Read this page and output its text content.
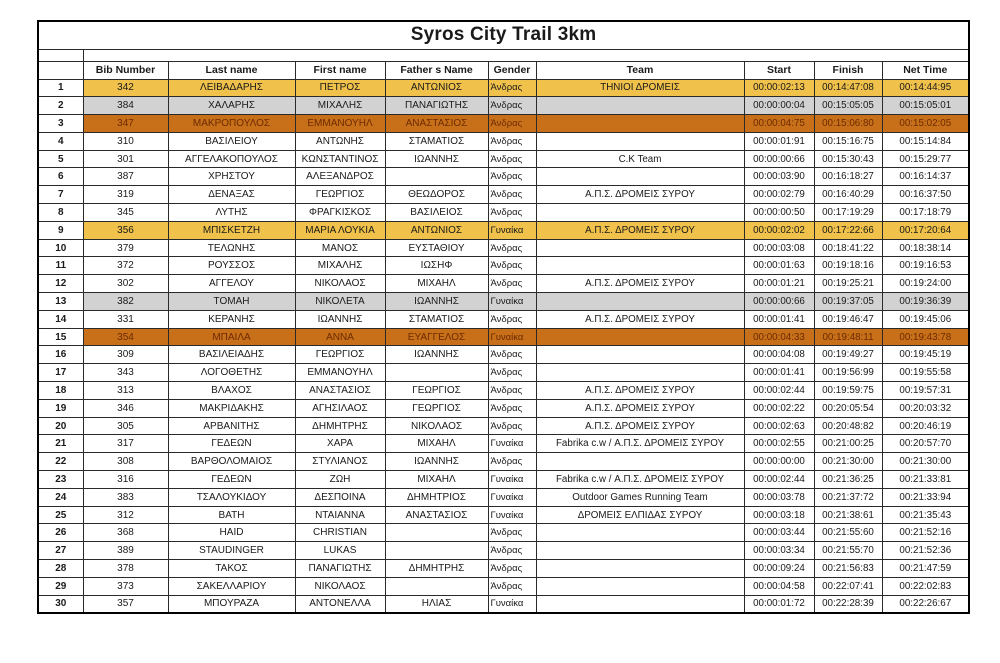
Syros City Trail 3km									

	Bib Number	Last name	First name	Father s Name	Gender	Team	Start	Finish	Net Time
1	342	ΛΕΙΒΑΔΑΡΗΣ	ΠΕΤΡΟΣ	ΑΝΤΩΝΙΟΣ	Άνδρας	ΤΗΝΙΟΙ ΔΡΟΜΕΙΣ	00:00:02:13	00:14:47:08	00:14:44:95
2	384	ΧΑΛΑΡΗΣ	ΜΙΧΑΛΗΣ	ΠΑΝΑΓΙΩΤΗΣ	Άνδρας		00:00:00:04	00:15:05:05	00:15:05:01
3	347	ΜΑΚΡΟΠΟΥΛΟΣ	ΕΜΜΑΝΟΥΗΛ	ΑΝΑΣΤΑΣΙΟΣ	Άνδρας		00:00:04:75	00:15:06:80	00:15:02:05
4	310	ΒΑΣΙΛΕΙΟΥ	ΑΝΤΩΝΗΣ	ΣΤΑΜΑΤΙΟΣ	Άνδρας		00:00:01:91	00:15:16:75	00:15:14:84
5	301	ΑΓΓΕΛΑΚΟΠΟΥΛΟΣ	ΚΩΝΣΤΑΝΤΙΝΟΣ	ΙΩΑΝΝΗΣ	Άνδρας	C.K Team	00:00:00:66	00:15:30:43	00:15:29:77
6	387	ΧΡΗΣΤΟΥ	ΑΛΕΞΑΝΔΡΟΣ		Άνδρας		00:00:03:90	00:16:18:27	00:16:14:37
7	319	ΔΕΝΑΞΑΣ	ΓΕΩΡΓΙΟΣ	ΘΕΩΔΟΡΟΣ	Άνδρας	Α.Π.Σ. ΔΡΟΜΕΙΣ ΣΥΡΟΥ	00:00:02:79	00:16:40:29	00:16:37:50
8	345	ΛΥΤΗΣ	ΦΡΑΓΚΙΣΚΟΣ	ΒΑΣΙΛΕΙΟΣ	Άνδρας		00:00:00:50	00:17:19:29	00:17:18:79
9	356	ΜΠΙΣΚΕΤΖΗ	ΜΑΡΙΑ ΛΟΥΚΙΑ	ΑΝΤΩΝΙΟΣ	Γυναίκα	Α.Π.Σ. ΔΡΟΜΕΙΣ ΣΥΡΟΥ	00:00:02:02	00:17:22:66	00:17:20:64
10	379	ΤΕΛΩΝΗΣ	ΜΑΝΟΣ	ΕΥΣΤΑΘΙΟΥ	Άνδρας		00:00:03:08	00:18:41:22	00:18:38:14
11	372	ΡΟΥΣΣΟΣ	ΜΙΧΑΛΗΣ	ΙΩΣΗΦ	Άνδρας		00:00:01:63	00:19:18:16	00:19:16:53
12	302	ΑΓΓΕΛΟΥ	ΝΙΚΟΛΑΟΣ	ΜΙΧΑΗΛ	Άνδρας	Α.Π.Σ. ΔΡΟΜΕΙΣ ΣΥΡΟΥ	00:00:01:21	00:19:25:21	00:19:24:00
13	382	ΤΟΜΑΗ	ΝΙΚΟΛΕΤΑ	ΙΩΑΝΝΗΣ	Γυναίκα		00:00:00:66	00:19:37:05	00:19:36:39
14	331	ΚΕΡΑΝΗΣ	ΙΩΑΝΝΗΣ	ΣΤΑΜΑΤΙΟΣ	Άνδρας	Α.Π.Σ. ΔΡΟΜΕΙΣ ΣΥΡΟΥ	00:00:01:41	00:19:46:47	00:19:45:06
15	354	ΜΠΑΙΛΑ	ΑΝΝΑ	ΕΥΑΓΓΕΛΟΣ	Γυναίκα		00:00:04:33	00:19:48:11	00:19:43:78
16	309	ΒΑΣΙΛΕΙΑΔΗΣ	ΓΕΩΡΓΙΟΣ	ΙΩΑΝΝΗΣ	Άνδρας		00:00:04:08	00:19:49:27	00:19:45:19
17	343	ΛΟΓΟΘΕΤΗΣ	ΕΜΜΑΝΟΥΗΛ		Άνδρας		00:00:01:41	00:19:56:99	00:19:55:58
18	313	ΒΛΑΧΟΣ	ΑΝΑΣΤΑΣΙΟΣ	ΓΕΩΡΓΙΟΣ	Άνδρας	Α.Π.Σ. ΔΡΟΜΕΙΣ ΣΥΡΟΥ	00:00:02:44	00:19:59:75	00:19:57:31
19	346	ΜΑΚΡΙΔΑΚΗΣ	ΑΓΗΣΙΛΑΟΣ	ΓΕΩΡΓΙΟΣ	Άνδρας	Α.Π.Σ. ΔΡΟΜΕΙΣ ΣΥΡΟΥ	00:00:02:22	00:20:05:54	00:20:03:32
20	305	ΑΡΒΑΝΙΤΗΣ	ΔΗΜΗΤΡΗΣ	ΝΙΚΟΛΑΟΣ	Άνδρας	Α.Π.Σ. ΔΡΟΜΕΙΣ ΣΥΡΟΥ	00:00:02:63	00:20:48:82	00:20:46:19
21	317	ΓΕΔΕΩΝ	ΧΑΡΑ	ΜΙΧΑΗΛ	Γυναίκα	Fabrika c.w / Α.Π.Σ. ΔΡΟΜΕΙΣ ΣΥΡΟΥ	00:00:02:55	00:21:00:25	00:20:57:70
22	308	ΒΑΡΘΟΛΟΜΑΙΟΣ	ΣΤΥΛΙΑΝΟΣ	ΙΩΑΝΝΗΣ	Άνδρας		00:00:00:00	00:21:30:00	00:21:30:00
23	316	ΓΕΔΕΩΝ	ΖΩΗ	ΜΙΧΑΗΛ	Γυναίκα	Fabrika c.w / Α.Π.Σ. ΔΡΟΜΕΙΣ ΣΥΡΟΥ	00:00:02:44	00:21:36:25	00:21:33:81
24	383	ΤΣΑΛΟΥΚΙΔΟΥ	ΔΕΣΠΟΙΝΑ	ΔΗΜΗΤΡΙΟΣ	Γυναίκα	Outdoor Games Running Team	00:00:03:78	00:21:37:72	00:21:33:94
25	312	ΒΑΤΗ	ΝΤΑΙΑΝΝΑ	ΑΝΑΣΤΑΣΙΟΣ	Γυναίκα	ΔΡΟΜΕΙΣ ΕΛΠΙΔΑΣ ΣΥΡΟΥ	00:00:03:18	00:21:38:61	00:21:35:43
26	368	HAID	CHRISTIAN		Άνδρας		00:00:03:44	00:21:55:60	00:21:52:16
27	389	STAUDINGER	LUKAS		Άνδρας		00:00:03:34	00:21:55:70	00:21:52:36
28	378	ΤΑΚΟΣ	ΠΑΝΑΓΙΩΤΗΣ	ΔΗΜΗΤΡΗΣ	Άνδρας		00:00:09:24	00:21:56:83	00:21:47:59
29	373	ΣΑΚΕΛΛΑΡΙΟΥ	ΝΙΚΟΛΑΟΣ		Άνδρας		00:00:04:58	00:22:07:41	00:22:02:83
30	357	ΜΠΟΥΡΑΖΑ	ΑΝΤΟΝΕΛΛΑ	ΗΛΙΑΣ	Γυναίκα		00:00:01:72	00:22:28:39	00:22:26:67
